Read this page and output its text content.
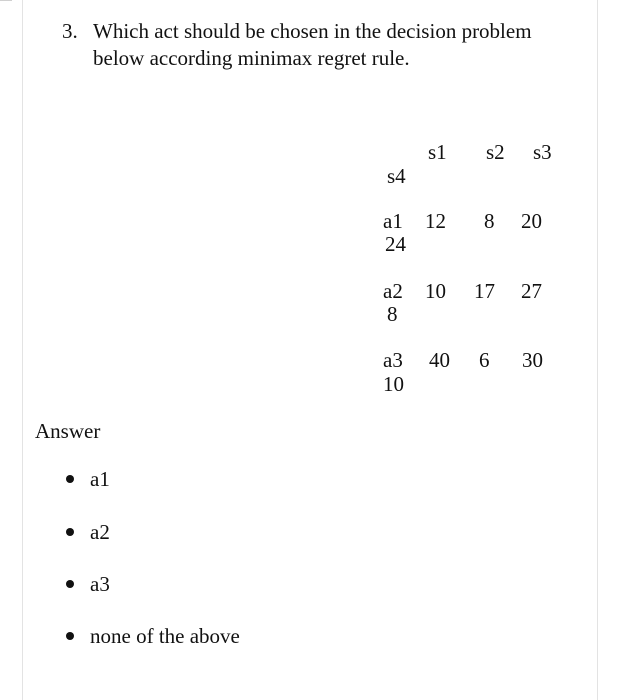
3. Which act should be chosen in the decision problem below according minimax regret rule.
s1 s2 s3
s4
a1 12 8 20
24
a2 10 17 27
8
a3 40 6 30
10
Answer
a1
a2
a3
none of the above
